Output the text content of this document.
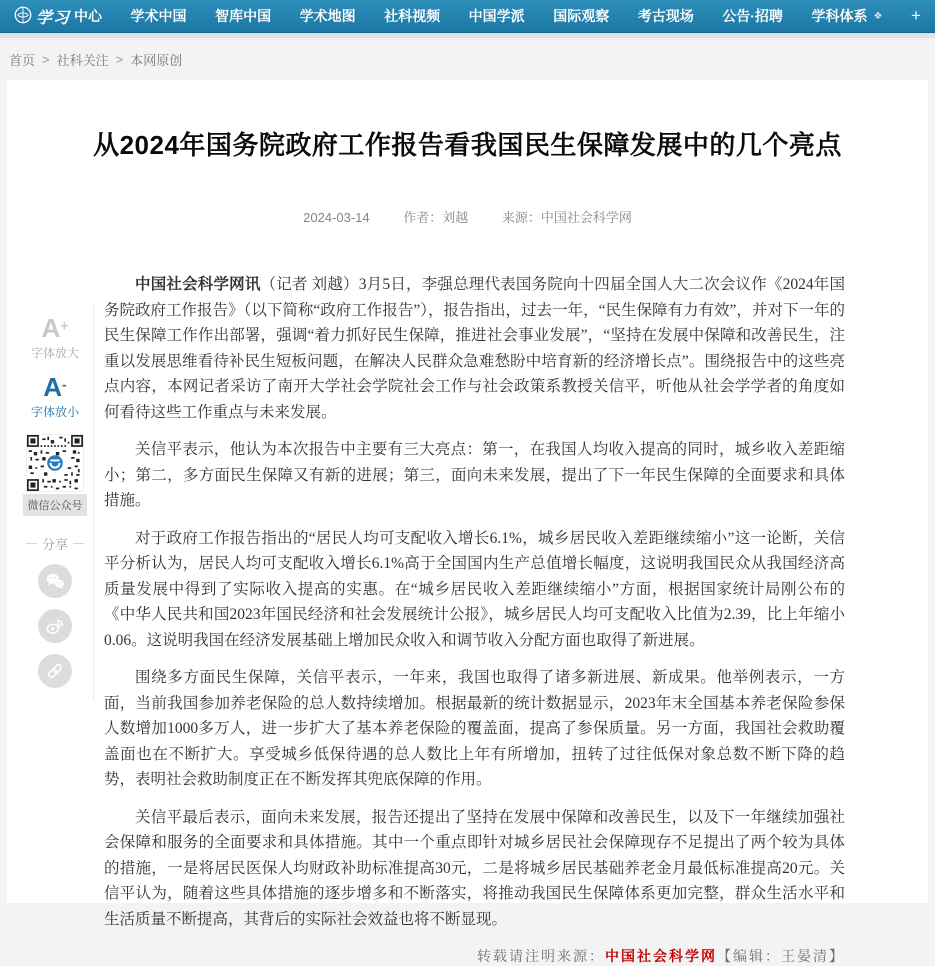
学习 中心 学术中国 智库中国 学术地图 社科视频 中国学派 国际观察 考古现场 公告·招聘 学科体系 ❖ +
首页 > 社科关注 > 本网原创
从2024年国务院政府工作报告看我国民生保障发展中的几个亮点
2024-03-14	作者：刘越	来源：中国社会科学网
A+
字体放大
A-
字体放小
微信公众号
分享

中国社会科学网讯（记者 刘越）3月5日，李强总理代表国务院向十四届全国人大二次会议作《2024年国务院政府工作报告》（以下简称“政府工作报告”），报告指出，过去一年，“民生保障有力有效”，并对下一年的民生保障工作作出部署，强调“着力抓好民生保障，推进社会事业发展”，“坚持在发展中保障和改善民生，注重以发展思维看待补民生短板问题，在解决人民群众急难愁盼中培育新的经济增长点”。围绕报告中的这些亮点内容，本网记者采访了南开大学社会学院社会工作与社会政策系教授关信平，听他从社会学学者的角度如何看待这些工作重点与未来发展。

关信平表示，他认为本次报告中主要有三大亮点：第一，在我国人均收入提高的同时，城乡收入差距缩小；第二，多方面民生保障又有新的进展；第三，面向未来发展，提出了下一年民生保障的全面要求和具体措施。

对于政府工作报告指出的“居民人均可支配收入增长6.1%，城乡居民收入差距继续缩小”这一论断，关信平分析认为，居民人均可支配收入增长6.1%高于全国国内生产总值增长幅度，这说明我国民众从我国经济高质量发展中得到了实际收入提高的实惠。在“城乡居民收入差距继续缩小”方面，根据国家统计局刚公布的《中华人民共和国2023年国民经济和社会发展统计公报》，城乡居民人均可支配收入比值为2.39，比上年缩小0.06。这说明我国在经济发展基础上增加民众收入和调节收入分配方面也取得了新进展。

围绕多方面民生保障，关信平表示，一年来，我国也取得了诸多新进展、新成果。他举例表示，一方面，当前我国参加养老保险的总人数持续增加。根据最新的统计数据显示，2023年末全国基本养老保险参保人数增加1000多万人，进一步扩大了基本养老保险的覆盖面，提高了参保质量。另一方面，我国社会救助覆盖面也在不断扩大。享受城乡低保待遇的总人数比上年有所增加，扭转了过往低保对象总数不断下降的趋势，表明社会救助制度正在不断发挥其兜底保障的作用。

关信平最后表示，面向未来发展，报告还提出了坚持在发展中保障和改善民生，以及下一年继续加强社会保障和服务的全面要求和具体措施。其中一个重点即针对城乡居民社会保障现存不足提出了两个较为具体的措施，一是将居民医保人均财政补助标准提高30元，二是将城乡居民基础养老金月最低标准提高20元。关信平认为，随着这些具体措施的逐步增多和不断落实，将推动我国民生保障体系更加完整，群众生活水平和生活质量不断提高，其背后的实际社会效益也将不断显现。

转载请注明来源：中国社会科学网【编辑：王晏清】
